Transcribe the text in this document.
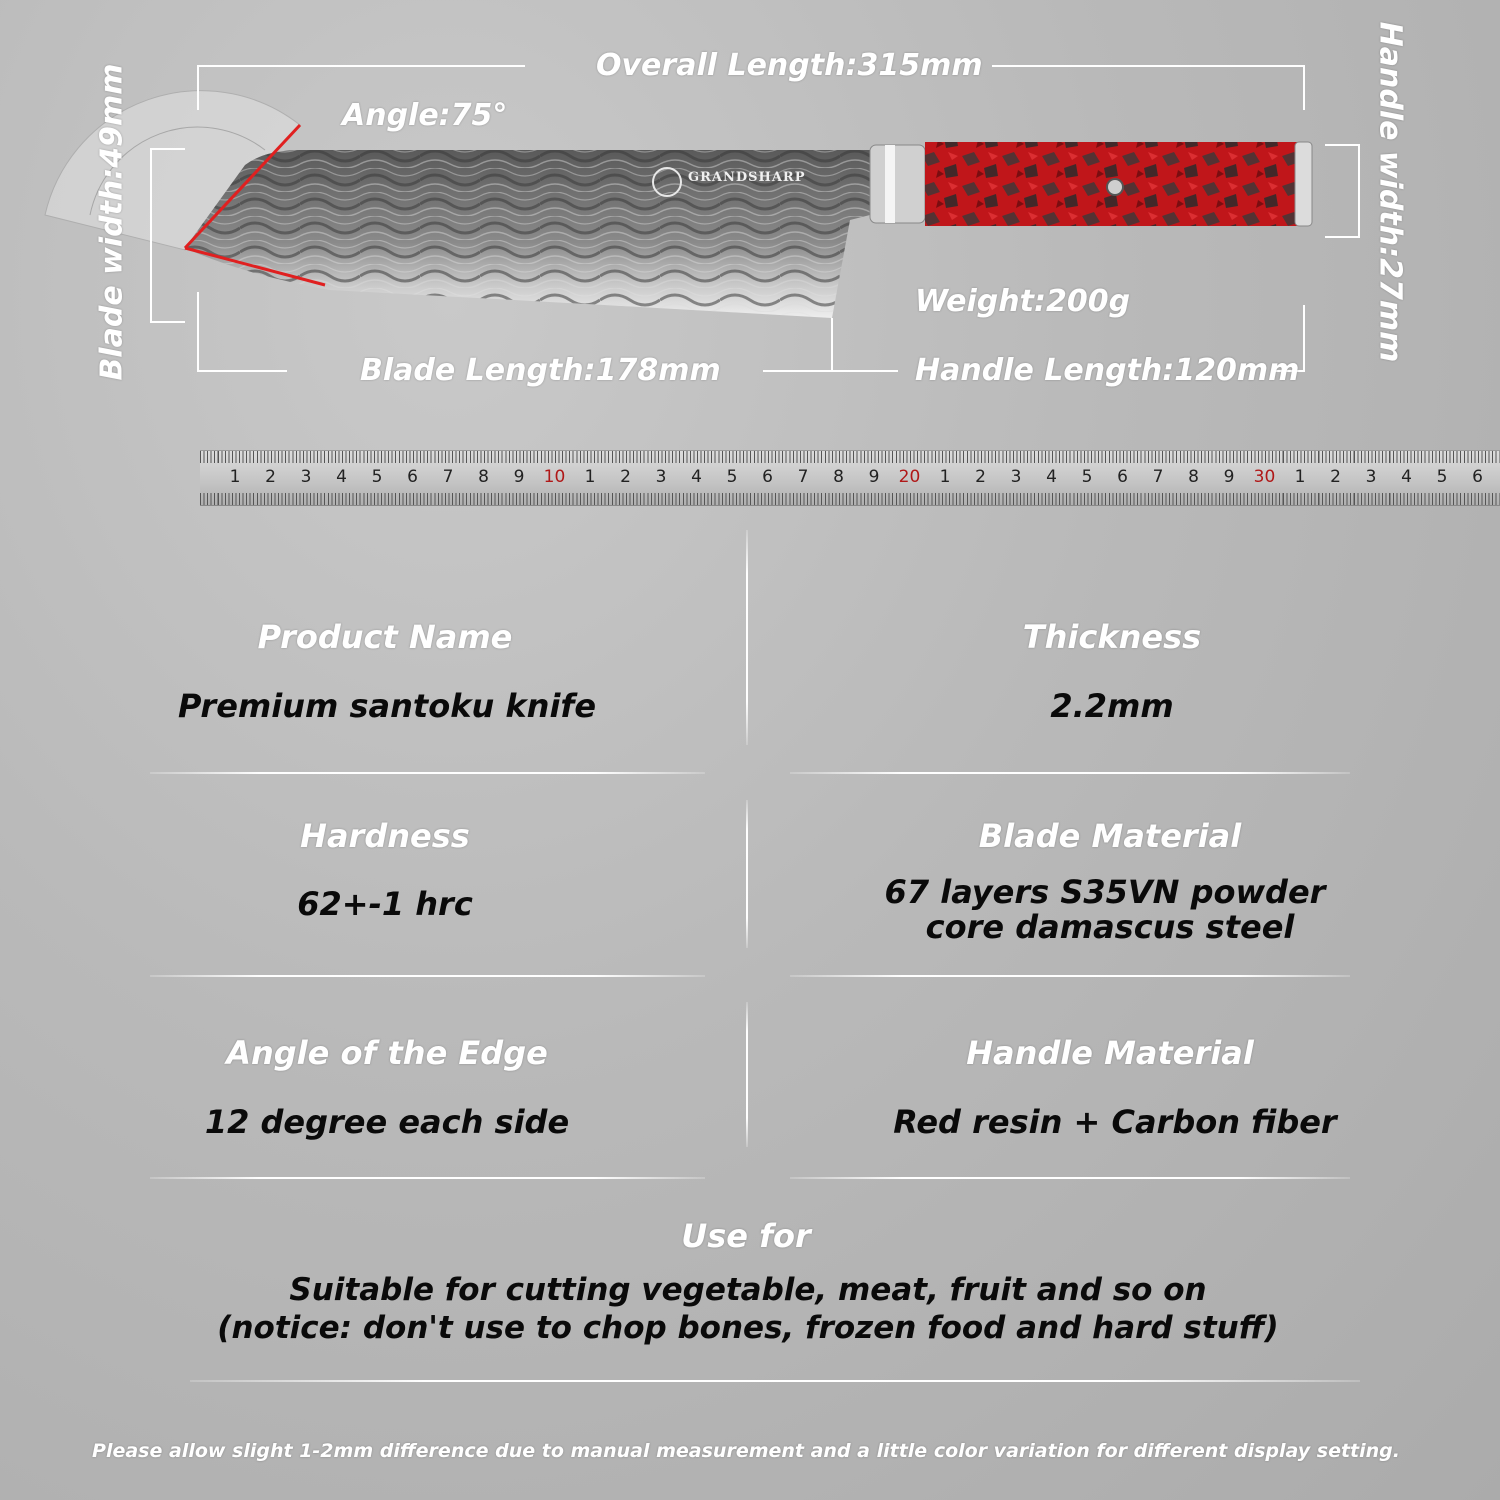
GRANDSHARP
Overall Length:315mm
Angle:75°
Weight:200g
Blade Length:178mm	Handle Length:120mm
Blade width:49mm	Handle width:27mm
1 2 3 4 5 6 7 8 9 10 1 2 3 4 5 6 7 8 9 20 1 2 3 4 5 6 7 8 9 30 1 2 3 4 5 6
Product Name
Premium santoku knife
Thickness
2.2mm
Hardness
62+-1 hrc
Blade Material
67 layers S35VN powder
core damascus steel
Angle of the Edge
12 degree each side
Handle Material
Red resin + Carbon fiber
Use for
Suitable for cutting vegetable, meat, fruit and so on
(notice: don't use to chop bones, frozen food and hard stuff)
Please allow slight 1-2mm difference due to manual measurement and a little color variation for different display setting.
